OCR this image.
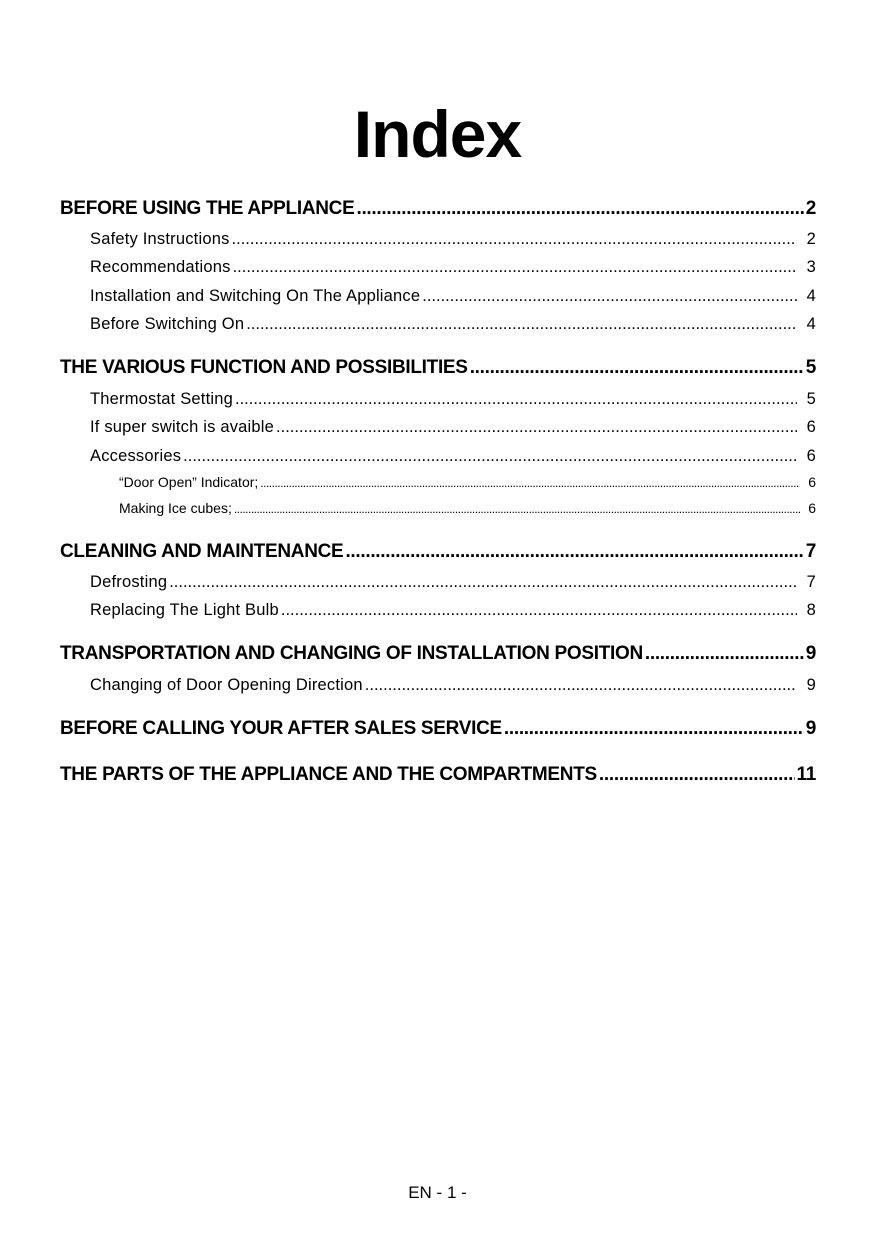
Index
BEFORE USING THE APPLIANCE .....	2
Safety Instructions .....	2
Recommendations .....	3
Installation and Switching On The Appliance .....	4
Before Switching On .....	4
THE VARIOUS FUNCTION AND POSSIBILITIES .....	5
Thermostat Setting .....	5
If super switch is avaible .....	6
Accessories .....	6
“Door Open” Indicator; .....	6
Making Ice cubes; .....	6
CLEANING AND MAINTENANCE .....	7
Defrosting .....	7
Replacing The Light Bulb .....	8
TRANSPORTATION AND CHANGING OF INSTALLATION POSITION .....	9
Changing of Door Opening Direction .....	9
BEFORE CALLING YOUR AFTER SALES SERVICE .....	9
THE PARTS OF THE APPLIANCE AND THE COMPARTMENTS .....	11
EN - 1 -
